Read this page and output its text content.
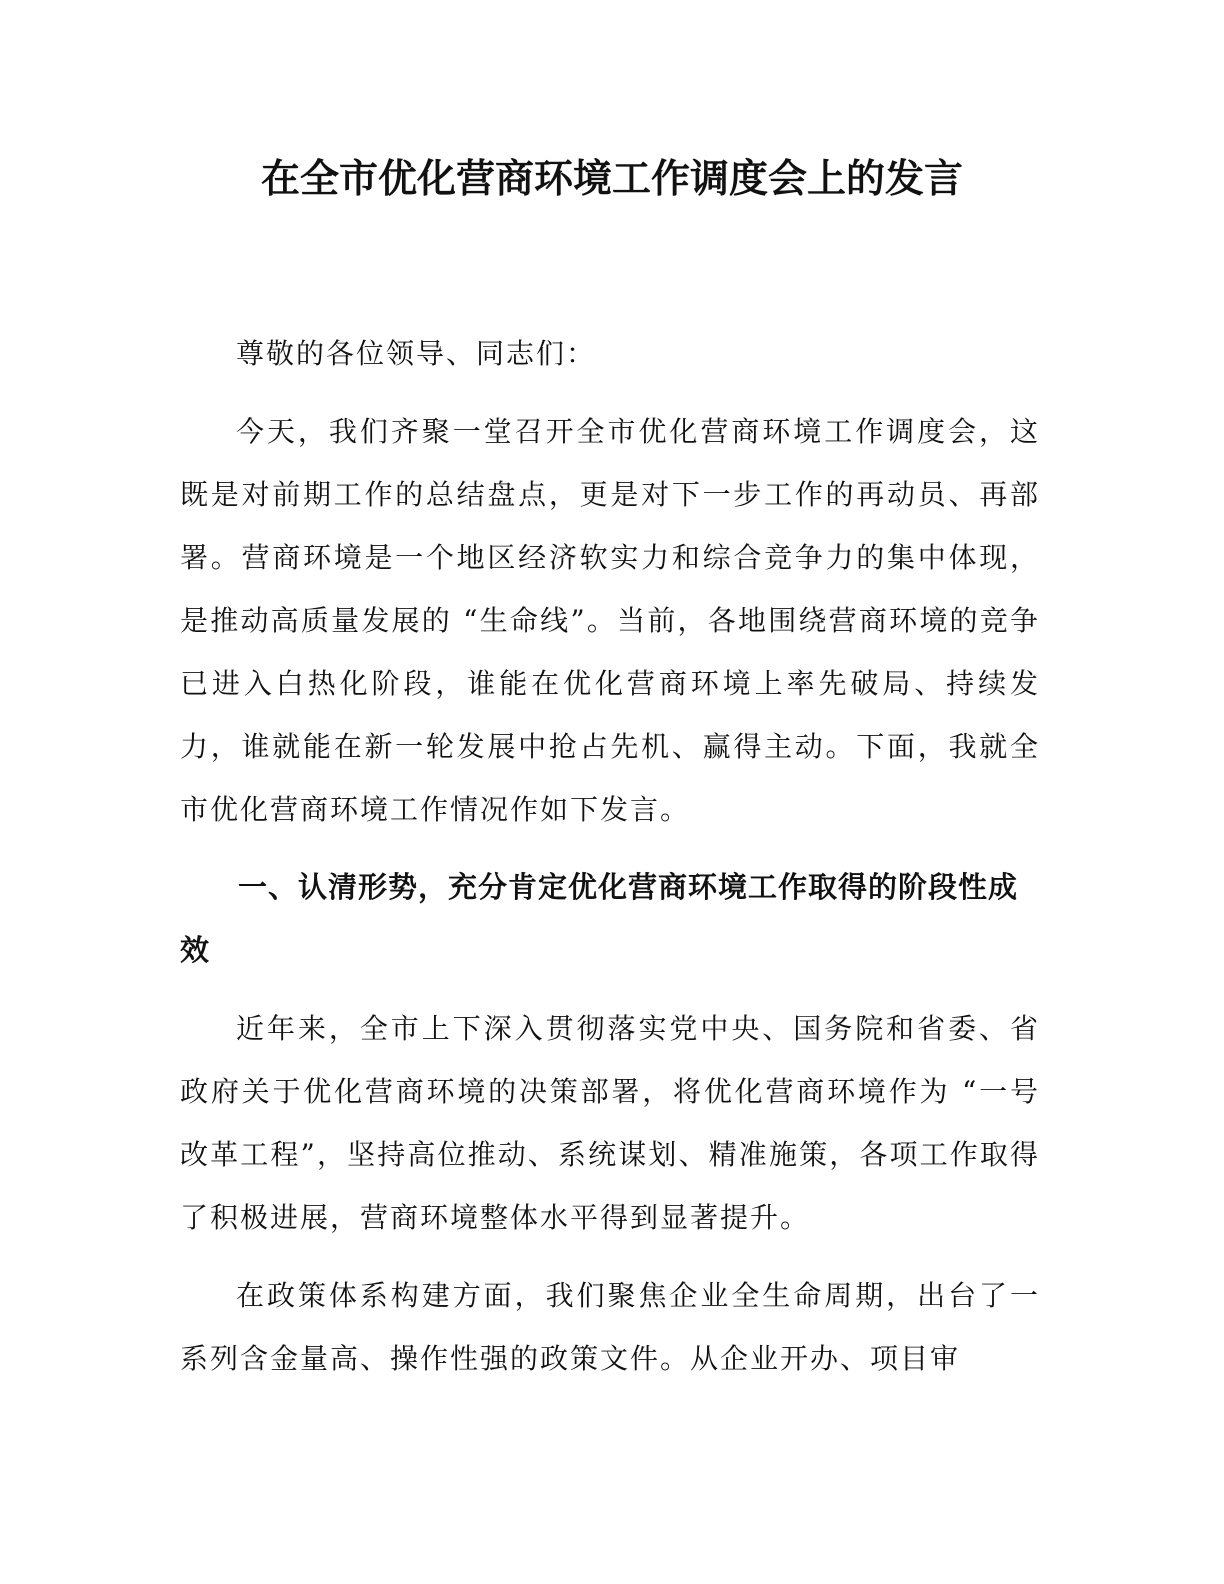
在全市优化营商环境工作调度会上的发言

尊敬的各位领导、同志们：

今天，我们齐聚一堂召开全市优化营商环境工作调度会，这既是对前期工作的总结盘点，更是对下一步工作的再动员、再部署。营商环境是一个地区经济软实力和综合竞争力的集中体现，是推动高质量发展的 “生命线”。当前，各地围绕营商环境的竞争已进入白热化阶段，谁能在优化营商环境上率先破局、持续发力，谁就能在新一轮发展中抢占先机、赢得主动。下面，我就全市优化营商环境工作情况作如下发言。

一、认清形势，充分肯定优化营商环境工作取得的阶段性成效

近年来，全市上下深入贯彻落实党中央、国务院和省委、省政府关于优化营商环境的决策部署，将优化营商环境作为 “一号改革工程”，坚持高位推动、系统谋划、精准施策，各项工作取得了积极进展，营商环境整体水平得到显著提升。

在政策体系构建方面，我们聚焦企业全生命周期，出台了一系列含金量高、操作性强的政策文件。从企业开办、项目审
